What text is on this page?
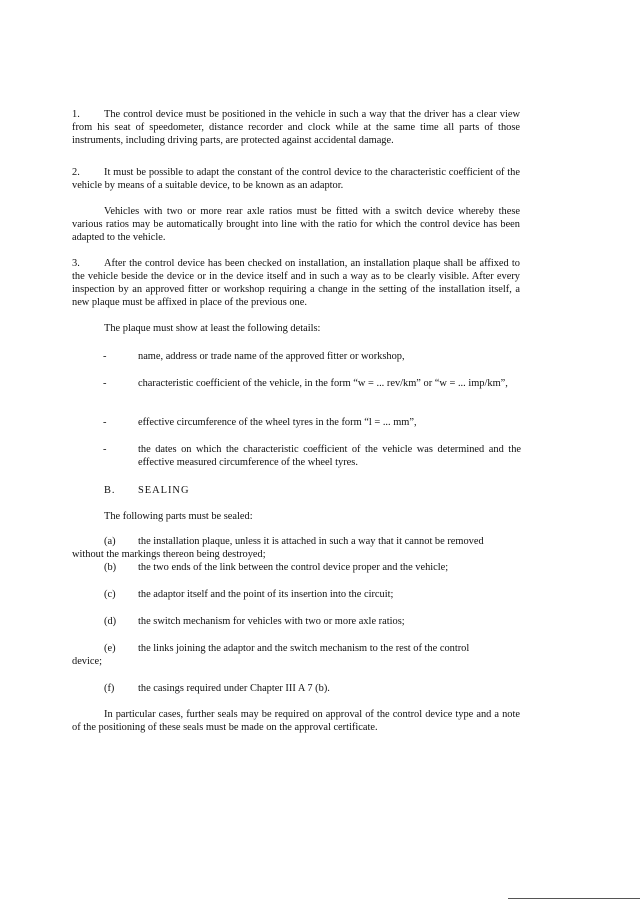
1. The control device must be positioned in the vehicle in such a way that the driver has a clear view from his seat of speedometer, distance recorder and clock while at the same time all parts of those instruments, including driving parts, are protected against accidental damage.

2. It must be possible to adapt the constant of the control device to the characteristic coefficient of the vehicle by means of a suitable device, to be known as an adaptor.

Vehicles with two or more rear axle ratios must be fitted with a switch device whereby these various ratios may be automatically brought into line with the ratio for which the control device has been adapted to the vehicle.

3. After the control device has been checked on installation, an installation plaque shall be affixed to the vehicle beside the device or in the device itself and in such a way as to be clearly visible. After every inspection by an approved fitter or workshop requiring a change in the setting of the installation itself, a new plaque must be affixed in place of the previous one.

The plaque must show at least the following details:

-	name, address or trade name of the approved fitter or workshop,
-	characteristic coefficient of the vehicle, in the form “w = ... rev/km” or “w = ... imp/km”,
-	effective circumference of the wheel tyres in the form “l = ... mm”,
-	the dates on which the characteristic coefficient of the vehicle was determined and the effective measured circumference of the wheel tyres.
B. SEALING

The following parts must be sealed:

(a) the installation plaque, unless it is attached in such a way that it cannot be removed

without the markings thereon being destroyed;

(b) the two ends of the link between the control device proper and the vehicle;
(c) the adaptor itself and the point of its insertion into the circuit;
(d) the switch mechanism for vehicles with two or more axle ratios;
(e) the links joining the adaptor and the switch mechanism to the rest of the control

device;

(f) the casings required under Chapter III A 7 (b).

In particular cases, further seals may be required on approval of the control device type and a note of the positioning of these seals must be made on the approval certificate.
